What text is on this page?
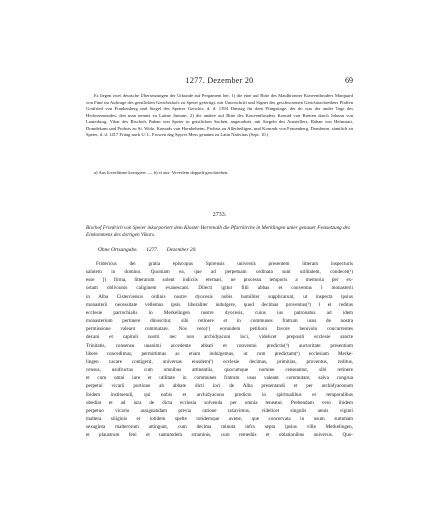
1277. Dezember 20	69
Es liegen zwei deutsche Übersetzungen der Urkunde auf Pergament bei: 1) die eine auf Bitte des Maulbronner Konventbruders Marquard von Fünf im Auftrage des geistlichen Gerichtshofs zu Speier gefertigt, mit Unterschrift und Signet des geschworenen Gerichtsschreibers Pfaffen Gottfried von Frankenberg und Siegel des Speirer Gerichts, d. d. 1394 Dinstag für dem Pfingsttage, der do was der ander Tage des Heilwenmondes, den man nennet zu Latine Junium. 2) die andere auf Bitte des Konventbruders Konrad von Bretten durch Johann von Lauterburg, Vikar des Bischofs Raban von Speier in geistlichen Sachen, angeordnet, mit Siegeln des Ausstellers, Raban von Helmstatt, Domdekans und Probsts zu St. Wido, Konrads von Hornheheim, Probsts zu Allerheiligen, und Konrads von Frauenberg, Domherrn, sämtlich zu Speier, d. d. 1417 Fritag nach U. L. Frowen dag Spyrer Mess genannt zu Latin Nativitas (Sept. 10.)
a) Aus loverlitime korrigiert. — b) et aus: Veverlem doppelt geschrieben.
2733.
Bischof Friedrich von Speier inkorporiert dem Kloster Herrenalb die Pfarrkirche in Merklingen unter genauer Festsetzung des Einkommens des dortigen Vikars.
Ohne Ortsangabe. 1277. Dezember 20.

Fridericus dei gratia episcopus Spirensis universis presentem litteram inspecturis

salutem in domino. Quoniam ea, que ad perpetuam ordinata sunt utilitatem, condecet(ᵃ)

esse ]) firma, litterarum solent indiciis eternari, ne processu temporis a memoria per ex-

ortam oblivionis caliginem evanescant. Dilecti igitur filii abbas et conventus ‖ monasterii

in Alba Cisterciensis ordinis nostre dyocesis nobis humiliter supplicarunt, ut inspecta ipsius

monasterii necessitate vellemus ipsis liberaliter indulgere, quod decimas proventus(ᵇ) ‖ et reditus

ecclesie parrochialis in Merkelingen nostre dyocesis, cuius ius patronatus ad idem

monasterium pertinere dinoscitur, sibi retinere et in communes fratrum usus de nostra

permissione valeant commutare. Nos vero(ᶜ) eorundem petitioni favore benivolo concurrentes

decani et capituli nostri nec non archidyaconi loci, videlicet prepositi ecclesie sancte

Trinitatis, consensu unanimi accedente abbati et conventui predictis(ᵈ) auctoritate presentium

libere concedimus, permittimus ac etiam indulgemus, ut cum predictam(ᵉ) ecclesiam Merke-

lingen vacare contigerit, universas eiusdem(ᶠ) ecclesie decimas, primitias, proventus, reditus,

census, usufructus cum omnibus attinentiis, quocumque nomine censeantur, sibi retinere

et cum omni iure et utilitate in communes fratrum usus valeant commutare, salva congrua

perpetui vicarii portione ab abbate dicti loci de Alba presentandi et per archidyaconum

ibidem instituendi, qui nobis et archidyacono predicto in spiritualibus et temporalibus

obediat et ad iura de dicta ecclesia solvenda per omnia teneatur. Prebendam vero ibidem

perpetuo vicario assignandam previa ratione taxavimus, videlicet singulis annis viginti

maltera siliginis et totidem spelte totidemque avene, que concervata in usum summam

sexaginta malterorum attingunt, cum decima minuta infra septa ipsius ville Merkelingen,

et plaustrum feni et tantumdem straminis, cum remediis et oblationibus universis. Quo-
